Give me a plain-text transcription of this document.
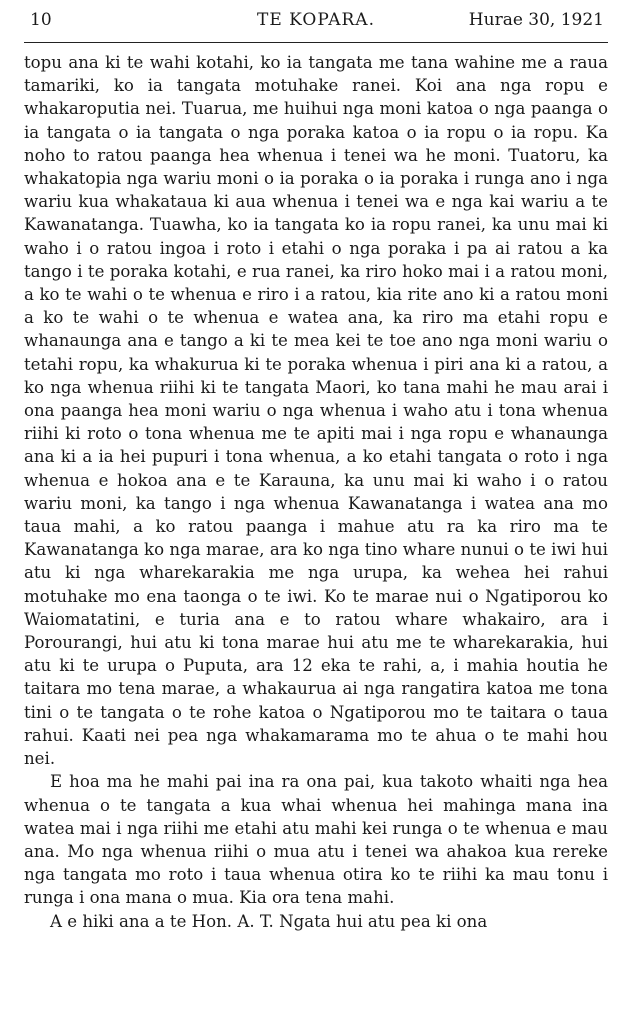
10	TE KOPARA.	Hurae 30, 1921

topu ana ki te wahi kotahi, ko ia tangata me tana wahine me a raua tamariki, ko ia tangata motuhake ranei. Koi ana nga ropu e whakaroputia nei. Tuarua, me huihui nga moni katoa o nga paanga o ia tangata o ia tangata o nga poraka katoa o ia ropu o ia ropu. Ka noho to ratou paanga hea whenua i tenei wa he moni. Tuatoru, ka whakatopia nga wariu moni o ia poraka o ia poraka i runga ano i nga wariu kua whakatauа ki aua whenua i tenei wa e nga kai wariu a te Kawanatanga. Tuawha, ko ia tangata ko ia ropu ranei, ka unu mai ki waho i o ratou ingoa i roto i etahi o nga poraka i pa ai ratou a ka tango i te poraka kotahi, e rua ranei, ka riro hoko mai i a ratou moni, a ko te wahi o te whenua e riro i a ratou, kia rite ano ki a ratou moni a ko te wahi o te whenua e watea ana, ka riro ma etahi ropu e whanaunga ana e tango a ki te mea kei te toe ano nga moni wariu o tetahi ropu, ka whakurua ki te poraka whenua i piri ana ki a ratou, a ko nga whenua riihi ki te tangata Maori, ko tana mahi he mau arai i ona paanga hea moni wariu o nga whenua i waho atu i tona whenua riihi ki roto o tona whenua me te apiti mai i nga ropu e whanaunga ana ki a ia hei pupuri i tona whenua, a ko etahi tangata o roto i nga whenua e hokoa ana e te Karauna, ka unu mai ki waho i o ratou wariu moni, ka tango i nga whenua Kawanatanga i watea ana mo taua mahi, a ko ratou paanga i mahue atu ra ka riro ma te Kawanatanga ko nga marae, ara ko nga tino whare nunui o te iwi hui atu ki nga wharekarakia me nga urupa, ka wehea hei rahui motuhake mo ena taonga o te iwi. Ko te marae nui o Ngatiporou ko Waiomatatini, e turia ana e to ratou whare whakairo, ara i Porourangi, hui atu ki tona marae hui atu me te wharekarakia, hui atu ki te urupa o Puputa, ara 12 eka te rahi, a, i mahia houtia he taitara mo tena marae, a whakaurua ai nga rangatira katoa me tona tini o te tangata o te rohe katoa o Ngatiporou mo te taitara o taua rahui. Kaati nei pea nga whakamarama mo te ahua o te mahi hou nei.

E hoa ma he mahi pai ina ra ona pai, kua takoto whaiti nga hea whenua o te tangata a kua whai whenua hei mahinga mana ina watea mai i nga riihi me etahi atu mahi kei runga o te whenua e mau ana. Mo nga whenua riihi o mua atu i tenei wa ahakoa kua rereke nga tangata mo roto i taua whenua otira ko te riihi ka mau tonu i runga i ona mana o mua. Kia ora tena mahi.

A e hiki ana a te Hon. A. T. Ngata hui atu pea ki ona
